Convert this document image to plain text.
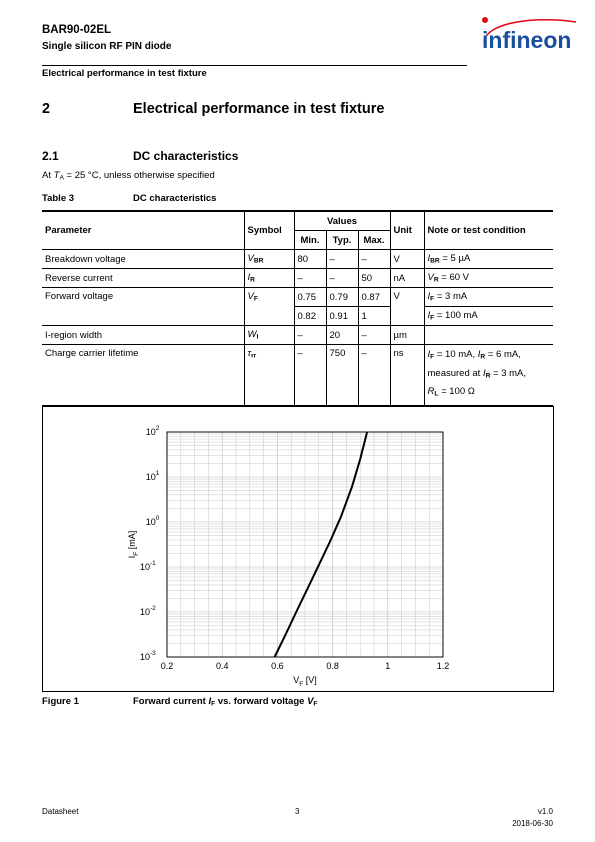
BAR90-02EL
Single silicon RF PIN diode	infineon
Electrical performance in test fixture
2	Electrical performance in test fixture
2.1	DC characteristics
At $T_A = 25$ °C, unless otherwise specified
Table 3	DC characteristics
Parameter	Symbol	Values			Unit	Note or test condition
		Min.	Typ.	Max.		
Breakdown voltage	$V_{BR}$	80	–	–	V	$I_{BR} = 5$ µA
Reverse current	$I_R$	–	–	50	nA	$V_R = 60$ V
Forward voltage	$V_F$	0.75	0.79	0.87	V	$I_F = 3$ mA
		0.82	0.91	1		$I_F = 100$ mA
I-region width	$W_I$	–	20	–	µm	
Charge carrier lifetime	$\tau_{rr}$	–	750	–	ns	$I_F = 10$ mA, $I_R = 6$ mA,
measured at $I_R = 3$ mA,
$R_L = 100$ Ω
0.2	0.4	0.6	0.8	1	1.2
$10^{-3}$
$10^{-2}$
$10^{-1}$
$10^0$
$10^1$
$10^2$
$V_F$ [V]
$I_F$ [mA]
Figure 1	Forward current $I_F$ vs. forward voltage $V_F$
Datasheet	3	v1.0
2018-06-30
